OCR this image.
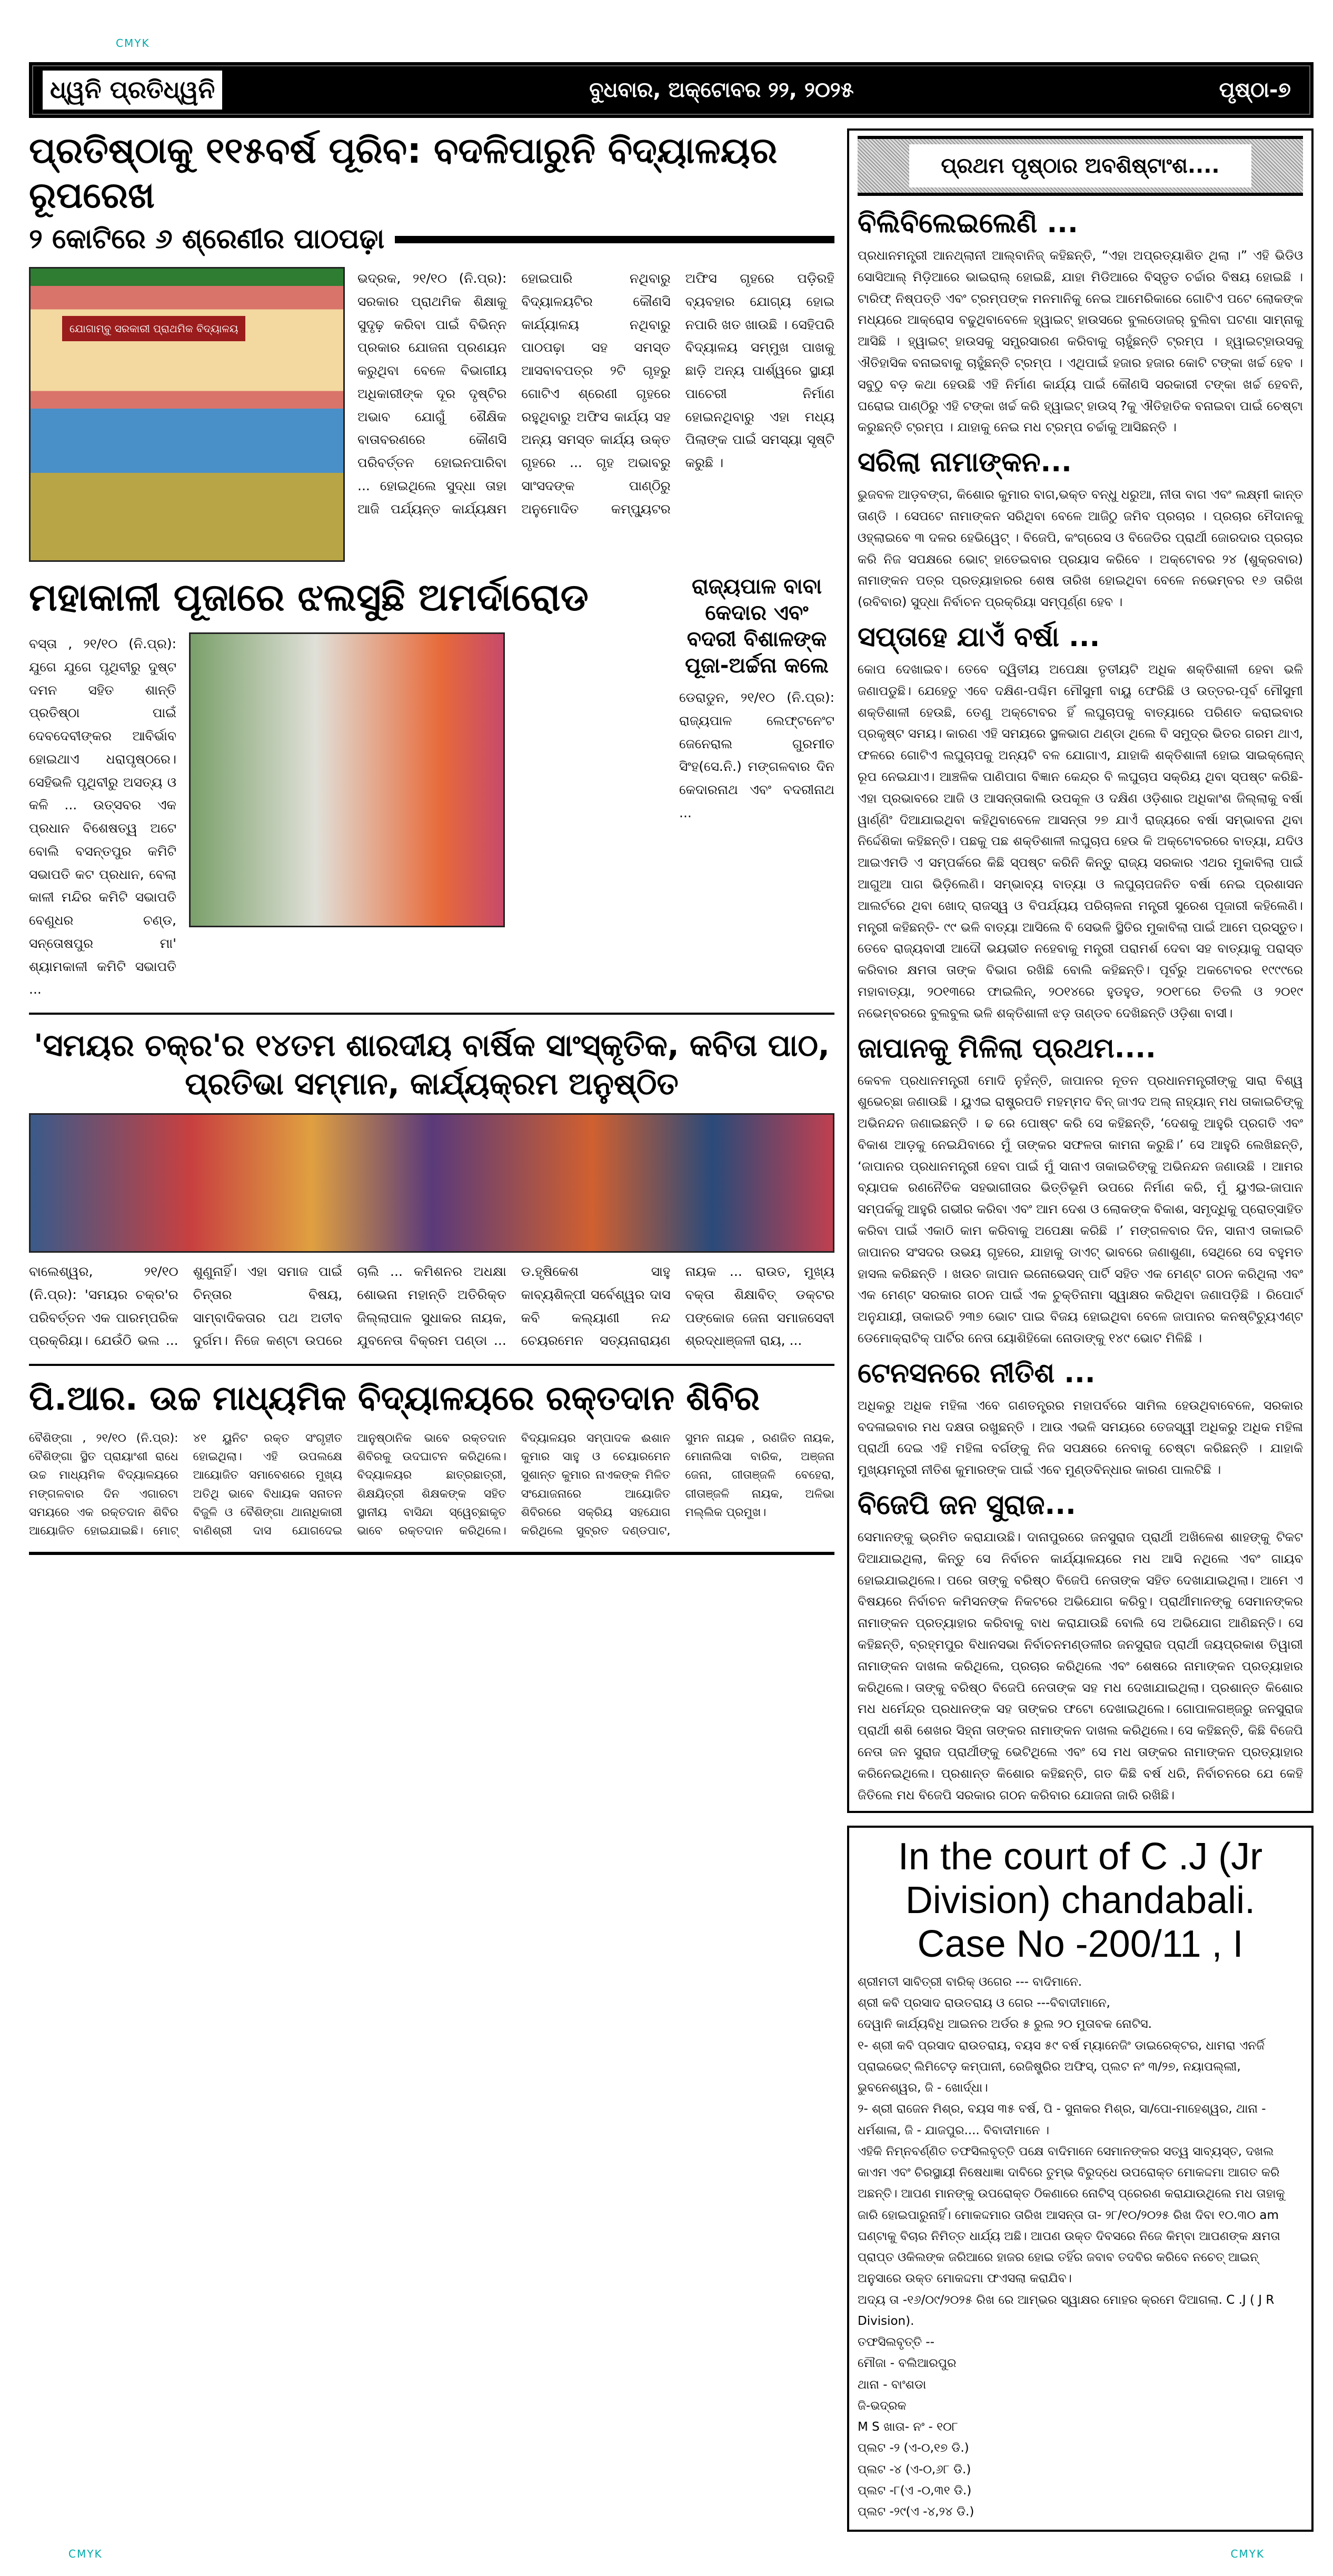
CMYK
ଧ୍ୱନି ପ୍ରତିଧ୍ୱନି	ବୁଧବାର, ଅକ୍ଟୋବର ୨୨, ୨୦୨୫	ପୃଷ୍ଠା-୭
ପ୍ରତିଷ୍ଠାକୁ ୧୧୫ବର୍ଷ ପୂରିବ: ବଦଳିପାରୁନି ବିଦ୍ୟାଳୟର ରୂପରେଖ
୨ କୋଟିରେ ୬ ଶ୍ରେଣୀର ପାଠପଢ଼ା
ଯୋଗାମ୍ବୁ ସରକାରୀ ପ୍ରାଥମିକ ବିଦ୍ୟାଳୟ

ଭଦ୍ରକ, ୨୧/୧୦ (ନି.ପ୍ର): ସରକାର ପ୍ରାଥମିକ ଶିକ୍ଷାକୁ ସୁଦୃଢ଼ କରିବା ପାଇଁ ବିଭିନ୍ନ ପ୍ରକାର ଯୋଜନା ପ୍ରଣୟନ କରୁଥିବା ବେଳେ ବିଭାଗୀୟ ଅଧିକାରୀଙ୍କ ଦୂର ଦୃଷ୍ଟିର ଅଭାବ ଯୋଗୁଁ ଶୈକ୍ଷିକ ବାତାବରଣରେ କୌଣସି ପରିବର୍ତ୍ତନ ହୋଇନପାରିବା ... ହୋଇଥିଲେ ସୁଦ୍ଧା ତାହା ଆଜି ପର୍ଯ୍ୟନ୍ତ କାର୍ଯ୍ୟକ୍ଷମ ହୋଇପାରି ନଥିବାରୁ ବିଦ୍ୟାଳୟଟିର କୌଣସି କାର୍ଯ୍ୟାଳୟ ନଥିବାରୁ ପାଠପଢ଼ା ସହ ସମସ୍ତ ଆସବାବପତ୍ର ୨ଟି ଗୃହରୁ ଗୋଟିଏ ଶ୍ରେଣୀ ଗୃହରେ ରହୁଥିବାରୁ ଅଫିସ କାର୍ଯ୍ୟ ସହ ଅନ୍ୟ ସମସ୍ତ କାର୍ଯ୍ୟ ଉକ୍ତ ଗୃହରେ ... ଗୃହ ଅଭାବରୁ ସାଂସଦଙ୍କ ପାଣ୍ଠିରୁ ଅନୁମୋଦିତ କମ୍ପ୍ୟୁଟର ଅଫିସ ଗୃହରେ ପଡ଼ିରହି ବ୍ୟବହାର ଯୋଗ୍ୟ ହୋଇ ନପାରି ଖତ ଖାଉଛି । ସେହିପରି ବିଦ୍ୟାଳୟ ସମ୍ମୁଖ ପାଖକୁ ଛାଡ଼ି ଅନ୍ୟ ପାର୍ଶ୍ୱରେ ସ୍ଥାୟୀ ପାଚେରୀ ନିର୍ମାଣ ହୋଇନଥିବାରୁ ଏହା ମଧ୍ୟ ପିଲାଙ୍କ ପାଇଁ ସମସ୍ୟା ସୃଷ୍ଟି କରୁଛି ।

ମହାକାଳୀ ପୂଜାରେ ଝଲସୁଛି ଅମର୍ଦାରୋଡ

ବସ୍ତା , ୨୧/୧୦ (ନି.ପ୍ର): ଯୁଗେ ଯୁଗେ ପୃଥିବୀରୁ ଦୁଷ୍ଟ ଦମନ ସହିତ ଶାନ୍ତି ପ୍ରତିଷ୍ଠା ପାଇଁ ଦେବଦେବୀଙ୍କର ଆବିର୍ଭାବ ହୋଇଥାଏ ଧରାପୃଷ୍ଠରେ। ସେହିଭଳି ପୃଥିବୀରୁ ଅସତ୍ୟ ଓ କଳି ... ଉତ୍ସବର ଏକ ପ୍ରଧାନ ବିଶେଷତ୍ୱ ଅଟେ ବୋଲି ବସନ୍ତପୁର କମିଟି ସଭାପତି କଟ ପ୍ରଧାନ, ବେଲା କାଳୀ ମନ୍ଦିର କମିଟି ସଭାପତି ବେଣୁଧର ଚଣ୍ଡ, ସନ୍ତୋଷପୁର ମା' ଶ୍ୟାମକାଳୀ କମିଟି ସଭାପତି ...

ରାଜ୍ୟପାଳ ବାବା କେଦାର ଏବଂ ବଦରୀ ବିଶାଳଙ୍କ ପୂଜା-ଅର୍ଚ୍ଚନା କଲେ

ଡେରାଡୁନ, ୨୧/୧୦ (ନି.ପ୍ର): ରାଜ୍ୟପାଳ ଲେଫ୍ଟନେଂଟ ଜେନେରାଲ ଗୁରମୀତ ସିଂହ(ସେ.ନି.) ମଙ୍ଗଳବାର ଦିନ କେଦାରନାଥ ଏବଂ ବଦରୀନାଥ ...

'ସମୟର ଚକ୍ର'ର ୧୪ତମ ଶାରଦୀୟ ବାର୍ଷିକ ସାଂସ୍କୃତିକ, କବିତା ପାଠ, ପ୍ରତିଭା ସମ୍ମାନ, କାର୍ଯ୍ୟକ୍ରମ ଅନୁଷ୍ଠିତ

ବାଲେଶ୍ୱର, ୨୧/୧୦ (ନି.ପ୍ର): 'ସମୟର ଚକ୍ର'ର ପରିବର୍ତ୍ତନ ଏକ ପାରମ୍ପରିକ ପ୍ରକ୍ରିୟା। ଯେଉଁଠି ଭଲ ... ଶୁଣୁନାହିଁ। ଏହା ସମାଜ ପାଇଁ ଚିନ୍ତାର ବିଷୟ, ସାମ୍ବାଦିକତାର ପଥ ଅତୀବ ଦୁର୍ଗମ। ନିଜେ କଣ୍ଟା ଉପରେ ଚାଲି ... କମିଶନର ଅଧକ୍ଷା ଶୋଭନା ମହାନ୍ତି ଅତିରିକ୍ତ ଜିଲ୍ଲାପାଳ ସୁଧାକର ନାୟକ, ଯୁବନେତା ବିକ୍ରମ ପଣ୍ଡା ... ଡ.ହୃଷିକେଶ ସାହୁ କାବ୍ୟଶିଳ୍ପୀ ସର୍ବେଶ୍ୱର ଦାସ କବି କଲ୍ୟାଣୀ ନନ୍ଦ ଚେୟରମେନ ସତ୍ୟନାରାୟଣ ନାୟକ ... ରାଉତ, ମୁଖ୍ୟ ବକ୍ତା ଶିକ୍ଷାବିତ୍ ଡକ୍ଟର ପଙ୍କୋଜ ଜେନା ସମାଜସେବୀ ଶ୍ରଦ୍ଧାଞ୍ଜଳୀ ରାୟ, ...

ପି.ଆର. ଉଚ୍ଚ ମାଧ୍ୟମିକ ବିଦ୍ୟାଳୟରେ ରକ୍ତଦାନ ଶିବିର

ବୈଶିଙ୍ଗା , ୨୧/୧୦ (ନି.ପ୍ର): ବୈଶିଙ୍ଗା ସ୍ଥିତ ପ୍ରାୟାଂଶୀ ରାଧେ ଉଚ୍ଚ ମାଧ୍ୟମିକ ବିଦ୍ୟାଳୟରେ ମଙ୍ଗଳବାର ଦିନ ଏଗାରଟା ସମୟରେ ଏକ ରକ୍ତଦାନ ଶିବିର ଆୟୋଜିତ ହୋଇଯାଇଛି। ମୋଟ୍ ୪୧ ୟୁନିଟ ରକ୍ତ ସଂଗୃହୀତ ହୋଇଥିଲା। ଏହି ଉପଲକ୍ଷେ ଆୟୋଜିତ ସମାବେଶରେ ମୁଖ୍ୟ ଅତିଥି ଭାବେ ବିଧାୟକ ସନାତନ ବିଜୁଳି ଓ ବୈଶିଙ୍ଗା ଥାନାଧିକାରୀ ବାଣିଶ୍ରୀ ଦାସ ଯୋଗଦେଇ ଆନୁଷ୍ଠାନିକ ଭାବେ ରକ୍ତଦାନ ଶିବିରକୁ ଉଦଘାଟନ କରିଥିଲେ। ବିଦ୍ୟାଳୟର ଛାତ୍ରଛାତ୍ରୀ, ଶିକ୍ଷୟିତ୍ରୀ ଶିକ୍ଷକଙ୍କ ସହିତ ସ୍ଥାନୀୟ ବାସିନ୍ଦା ସ୍ୱେଚ୍ଛାକୃତ ଭାବେ ରକ୍ତଦାନ କରିଥିଲେ। ବିଦ୍ୟାଳୟର ସମ୍ପାଦକ ଈଶାନ କୁମାର ସାହୁ ଓ ଚେୟାରମେନ ସୁଶାନ୍ତ କୁମାର ନାଏକଙ୍କ ମିଳିତ ସଂଯୋଜନାରେ ଆୟୋଜିତ ଶିବିରରେ ସକ୍ରିୟ ସହଯୋଗ କରିଥିଲେ ସୁବ୍ରତ ଦଣ୍ଡପାଟ, ସୁମନ ନାୟକ , ରଣଜିତ ନାୟକ, ମୋନାଲିସା ବାରିକ, ଅଞ୍ଜନା ଜେନା, ଗୀତାଞ୍ଜଳି ବେହେରା, ଗୀତାଞ୍ଜଳି ନାୟକ, ଅଳିଭା ମଲ୍ଲିକ ପ୍ରମୁଖ।

ପ୍ରଥମ ପୃଷ୍ଠାର ଅବଶିଷ୍ଟାଂଶ....
ବିଲିବିଲେଇଲେଣି ...

ପ୍ରଧାନମନ୍ତ୍ରୀ ଆନଥ୍ଲାନୀ ଆଲ୍ବାନିଜ୍ କହିଛନ୍ତି, “ଏହା ଅପ୍ରତ୍ୟାଶିତ ଥିଲା ।” ଏହି ଭିଡିଓ ସୋସିଆଲ୍ ମିଡ଼ିଆରେ ଭାଇରାଲ୍ ହୋଇଛି, ଯାହା ମିଡିଆରେ ବିସ୍ତୃତ ଚର୍ଚ୍ଚାର ବିଷୟ ହୋଇଛି । ଟାରିଫ୍ ନିଷ୍ପତ୍ତି ଏବଂ ଟ୍ରମ୍ପଙ୍କ ମନମାନିକୁ ନେଇ ଆମେରିକାରେ ଗୋଟିଏ ପଟେ ଲୋକଙ୍କ ମଧ୍ୟରେ ଆକ୍ରୋସ ବଢୁଥିବାବେଳେ ହ୍ୱାଇଟ୍ ହାଉସରେ ବୁଲଡୋଜର୍ ବୁଲିବା ଘଟଣା ସାମ୍ନାକୁ ଆସିଛି । ହ୍ୱାଇଟ୍ ହାଉସକୁ ସମ୍ପ୍ରସାରଣ କରିବାକୁ ଚାହୁଁଛନ୍ତି ଟ୍ରମ୍ପ । ହ୍ୱାଇଟ୍ହାଉସକୁ ଐତିହାସିକ ବନାଇବାକୁ ଚାହୁଁଛନ୍ତି ଟ୍ରମ୍ପ । ଏଥିପାଇଁ ହଜାର ହଜାର କୋଟି ଟଙ୍କା ଖର୍ଚ୍ଚ ହେବ । ସବୁଠୁ ବଡ଼ କଥା ହେଉଛି ଏହି ନିର୍ମାଣ କାର୍ଯ୍ୟ ପାଇଁ କୌଣସି ସରକାରୀ ଟଙ୍କା ଖର୍ଚ୍ଚ ହେବନି, ଘରୋଇ ପାଣ୍ଠିରୁ ଏହି ଟଙ୍କା ଖର୍ଚ୍ଚ କରି ହ୍ୱାଇଟ୍ ହାଉସ୍ ?କୁ ଐତିହାତିକ ବନାଇବା ପାଇଁ ଚେଷ୍ଟା କରୁଛନ୍ତି ଟ୍ରମ୍ପ । ଯାହାକୁ ନେଇ ମଧ ଟ୍ରମ୍ପ ଚର୍ଚ୍ଚାକୁ ଆସିଛନ୍ତି ।

ସରିଲା ନାମାଙ୍କନ...

ଭୁଜବଳ ଆଡ଼ବଙ୍ଗ, କିଶୋର କୁମାର ବାଗ,ଭକ୍ତ ବନ୍ଧୁ ଧରୁଆ, ନୀତା ବାଗ ଏବଂ ଲକ୍ଷ୍ମୀ କାନ୍ତ ତାଣ୍ଡି । ସେପଟେ ନାମାଙ୍କନ ସରିଥିବା ବେଳେ ଆଜିଠୁ ଜମିବ ପ୍ରଚାର । ପ୍ରଚାର ମୈଦାନକୁ ଓହ୍ଲାଇବେ ୩ ଦଳର ହେଭିୱେଟ୍ । ବିଜେପି, କଂଗ୍ରେସ ଓ ବିଜେଡିର ପ୍ରାର୍ଥୀ ଜୋରଦାର ପ୍ରଚାର କରି ନିଜ ସପକ୍ଷରେ ଭୋଟ୍ ହାତେଇବାର ପ୍ରୟାସ କରିବେ । ଅକ୍ଟୋବର ୨୪ (ଶୁକ୍ରବାର) ନାମାଙ୍କନ ପତ୍ର ପ୍ରତ୍ୟାହାରର ଶେଷ ତାରିଖ ହୋଇଥିବା ବେଳେ ନଭେମ୍ବର ୧୬ ତାରିଖ (ରବିବାର) ସୁଦ୍ଧା ନିର୍ବାଚନ ପ୍ରକ୍ରିୟା ସମ୍ପୂର୍ଣ୍ଣ ହେବ ।

ସପ୍ତାହେ ଯାଏଁ ବର୍ଷା ...

କୋପ ଦେଖାଇବ। ତେବେ ଦ୍ୱିତୀୟ ଅପେକ୍ଷା ତୃତୀୟଟି ଅଧିକ ଶକ୍ତିଶାଳୀ ହେବା ଭଳି ଜଣାପଡୁଛି। ଯେହେତୁ ଏବେ ଦକ୍ଷିଣ-ପଶ୍ଚିମ ମୌସୁମୀ ବାୟୁ ଫେରିଛି ଓ ଉତ୍ତର-ପୂର୍ବ ମୌସୁମୀ ଶକ୍ତିଶାଳୀ ହେଉଛି, ତେଣୁ ଅକ୍ଟୋବର ହିଁ ଲଘୁଚାପକୁ ବାତ୍ୟାରେ ପରିଣତ କରାଇବାର ପ୍ରକୃଷ୍ଟ ସମୟ। କାରଣ ଏହି ସମୟରେ ସ୍ଥଳଭାଗ ଥଣ୍ଡା ଥିଲେ ବି ସମୁଦ୍ର ଭିତର ଗରମ ଥାଏ, ଫଳରେ ଗୋଟିଏ ଲଘୁଚାପକୁ ଅନ୍ୟଟି ବଳ ଯୋଗାଏ, ଯାହାକି ଶକ୍ତିଶାଳୀ ହୋଇ ସାଇକ୍ଲୋନ୍ ରୂପ ନେଇଯାଏ। ଆଞ୍ଚଳିକ ପାଣିପାଗ ବିଜ୍ଞାନ କେନ୍ଦ୍ର ବି ଲଘୁଚାପ ସକ୍ରିୟ ଥିବା ସ୍ପଷ୍ଟ କରିଛି- ଏହା ପ୍ରଭାବରେ ଆଜି ଓ ଆସନ୍ତାକାଲି ଉପକୂଳ ଓ ଦକ୍ଷିଣ ଓଡ଼ିଶାର ଅଧିକାଂଶ ଜିଲ୍ଲାକୁ ବର୍ଷା ୱାର୍ଣ୍ଣିଂ ଦିଆଯାଇଥିବା କହିଥିବାବେଳେ ଆସନ୍ତା ୨୭ ଯାଏଁ ରାଜ୍ୟରେ ବର୍ଷା ସମ୍ଭାବନା ଥିବା ନିର୍ଦ୍ଦେଶିକା କହିଛନ୍ତି। ପଛକୁ ପଛ ଶକ୍ତିଶାଳୀ ଲଘୁଚାପ ହେଉ କି ଅକ୍ଟୋବରରେ ବାତ୍ୟା, ଯଦିଓ ଆଇଏମଡି ଏ ସମ୍ପର୍କରେ କିଛି ସ୍ପଷ୍ଟ କରିନି କିନ୍ତୁ ରାଜ୍ୟ ସରକାର ଏଥର ମୁକାବିଲା ପାଇଁ ଆଗୁଆ ପାଗ ଭିଡ଼ିଲେଣି। ସମ୍ଭାବ୍ୟ ବାତ୍ୟା ଓ ଲଘୁଚାପଜନିତ ବର୍ଷା ନେଇ ପ୍ରଶାସନ ଆଲର୍ଟରେ ଥିବା ଖୋଦ୍ ରାଜସ୍ୱ ଓ ବିପର୍ଯ୍ୟୟ ପରିଚାଳନା ମନ୍ତ୍ରୀ ସୁରେଶ ପୂଜାରୀ କହିଲେଣି। ମନ୍ତ୍ରୀ କହିଛନ୍ତି- ୯୯ ଭଳି ବାତ୍ୟା ଆସିଲେ ବି ସେଭଳି ସ୍ଥିତିର ମୁକାବିଲା ପାଇଁ ଆମେ ପ୍ରସ୍ତୁତ। ତେବେ ରାଜ୍ୟବାସୀ ଆଦୌ ଭୟଭୀତ ନହେବାକୁ ମନ୍ତ୍ରୀ ପରାମର୍ଶ ଦେବା ସହ ବାତ୍ୟାକୁ ପରାସ୍ତ କରିବାର କ୍ଷମତା ତାଙ୍କ ବିଭାଗ ରଖିଛି ବୋଲି କହିଛନ୍ତି। ପୂର୍ବରୁ ଅକଟୋବର ୧୯୯୯ରେ ମହାବାତ୍ୟା, ୨୦୧୩ରେ ଫାଇଲିନ୍, ୨୦୧୪ରେ ହୁଡହୁଡ, ୨୦୧୮ରେ ତିତଲି ଓ ୨୦୧୯ ନଭେମ୍ବରରେ ବୁଲବୁଲ ଭଳି ଶକ୍ତିଶାଳୀ ଝଡ଼ ତାଣ୍ଡବ ଦେଖିଛନ୍ତି ଓଡ଼ିଶା ବାସୀ।

ଜାପାନକୁ ମିଳିଲା ପ୍ରଥମ....

କେବଳ ପ୍ରଧାନମନ୍ତ୍ରୀ ମୋଦି ନୁହଁନ୍ତି, ଜାପାନର ନୂତନ ପ୍ରଧାନମନ୍ତ୍ରୀଙ୍କୁ ସାରା ବିଶ୍ୱ ଶୁଭେଚ୍ଛା ଜଣାଉଛି । ୟୁଏଇ ରାଷ୍ଟ୍ରପତି ମହମ୍ମଦ ବିନ୍ ଜାଏଦ ଅଲ୍ ନାହ୍ୟାନ୍ ମଧ ତାକାଇଚିଙ୍କୁ ଅଭିନନ୍ଦନ ଜଣାଇଛନ୍ତି । ଢ ରେ ପୋଷ୍ଟ କରି ସେ କହିଛନ୍ତି, ‘ଦେଶକୁ ଆହୁରି ପ୍ରଗତି ଏବଂ ବିକାଶ ଆଡ଼କୁ ନେଇଯିବାରେ ମୁଁ ତାଙ୍କର ସଫଳତା କାମନା କରୁଛି।’ ସେ ଆହୁରି ଲେଖିଛନ୍ତି, ‘ଜାପାନର ପ୍ରଧାନମନ୍ତ୍ରୀ ହେବା ପାଇଁ ମୁଁ ସାନାଏ ତାକାଇଚିଙ୍କୁ ଅଭିନନ୍ଦନ ଜଣାଉଛି । ଆମର ବ୍ୟାପକ ରଣନୈତିକ ସହଭାଗୀତାର ଭିତ୍ତିଭୂମି ଉପରେ ନିର୍ମାଣ କରି, ମୁଁ ୟୁଏଇ-ଜାପାନ ସମ୍ପର୍କକୁ ଆହୁରି ଗଭୀର କରିବା ଏବଂ ଆମ ଦେଶ ଓ ଲୋକଙ୍କ ବିକାଶ, ସମୃଦ୍ଧିକୁ ପ୍ରୋତ୍ସାହିତ କରିବା ପାଇଁ ଏକାଠି କାମ କରିବାକୁ ଅପେକ୍ଷା କରିଛି ।’ ମଙ୍ଗଳବାର ଦିନ, ସାନାଏ ତାକାଇଚି ଜାପାନର ସଂସଦର ଉଭୟ ଗୃହରେ, ଯାହାକୁ ଡାଏଟ୍ ଭାବରେ ଜଣାଶୁଣା, ସେଥିରେ ସେ ବହୁମତ ହାସଲ କରିଛନ୍ତି । ଖଉଚ ଜାପାନ ଇନୋଭେସନ୍ ପାର୍ଟି ସହିତ ଏକ ମେଣ୍ଟ ଗଠନ କରିଥିଲା ଏବଂ ଏକ ମେଣ୍ଟ ସରକାର ଗଠନ ପାଇଁ ଏକ ଚୁକ୍ତିନାମା ସ୍ୱାକ୍ଷର କରିଥିବା ଜଣାପଡ଼ିଛି । ରିପୋର୍ଟ ଅନୁଯାୟୀ, ତାକାଇଚି ୨୩୭ ଭୋଟ ପାଇ ବିଜୟ ହୋଇଥିବା ବେଳେ ଜାପାନର କନଷ୍ଟିଚ୍ୟୁଏଣ୍ଟ ଡେମୋକ୍ରାଟିକ୍ ପାର୍ଟିର ନେତା ୟୋଶିହିକୋ ନୋଡାଙ୍କୁ ୧୪୯ ଭୋଟ ମିଳିଛି ।

ଟେନସନରେ ନୀତିଶ ...

ଅଧିକରୁ ଅଧିକ ମହିଳା ଏବେ ଗଣତନ୍ତ୍ରର ମହାପର୍ବରେ ସାମିଲ ହେଉଥିବାବେଳେ, ସରକାର ବଦଳାଇବାର ମଧ ଦକ୍ଷତା ରଖୁଛନ୍ତି । ଆଉ ଏଭଳି ସମୟରେ ତେଜସ୍ୱୀ ଅଧିକରୁ ଅଧିକ ମହିଳା ପ୍ରାର୍ଥୀ ଦେଇ ଏହି ମହିଳା ବର୍ଗଙ୍କୁ ନିଜ ସପକ୍ଷରେ ନେବାକୁ ଚେଷ୍ଟା କରିଛନ୍ତି । ଯାହାକି ମୁଖ୍ୟମନ୍ତ୍ରୀ ନୀତିଶ କୁମାରଙ୍କ ପାଇଁ ଏବେ ମୁଣ୍ଡବିନ୍ଧାର କାରଣ ପାଲଟିଛି ।

ବିଜେପି ଜନ ସୁରାଜ...

ସେମାନଙ୍କୁ ଭ୍ରମିତ କରାଯାଉଛି। ଦାନାପୁରରେ ଜନସୁରାଜ ପ୍ରାର୍ଥୀ ଅଖିଳେଶ ଶାହଙ୍କୁ ଟିକଟ ଦିଆଯାଇଥିଲା, କିନ୍ତୁ ସେ ନିର୍ବାଚନ କାର୍ଯ୍ୟାଳୟରେ ମଧ ଆସି ନଥିଲେ ଏବଂ ଗାୟବ ହୋଇଯାଇଥିଲେ। ପରେ ତାଙ୍କୁ ବରିଷ୍ଠ ବିଜେପି ନେତାଙ୍କ ସହିତ ଦେଖାଯାଇଥିଲା। ଆମେ ଏ ବିଷୟରେ ନିର୍ବାଚନ କମିସନଙ୍କ ନିକଟରେ ଅଭିଯୋଗ କରିବୁ। ପ୍ରାର୍ଥୀମାନଙ୍କୁ ସେମାନଙ୍କର ନାମାଙ୍କନ ପ୍ରତ୍ୟାହାର କରିବାକୁ ବାଧ କରାଯାଉଛି ବୋଲି ସେ ଅଭିଯୋଗ ଆଣିଛନ୍ତି। ସେ କହିଛନ୍ତି, ବ୍ରହ୍ମପୁର ବିଧାନସଭା ନିର୍ବାଚନମଣ୍ଡଳୀର ଜନସୁରାଜ ପ୍ରାର୍ଥୀ ଜୟପ୍ରକାଶ ତିୱାରୀ ନାମାଙ୍କନ ଦାଖଲ କରିଥିଲେ, ପ୍ରଚାର କରିଥିଲେ ଏବଂ ଶେଷରେ ନାମାଙ୍କନ ପ୍ରତ୍ୟାହାର କରିଥିଲେ। ତାଙ୍କୁ ବରିଷ୍ଠ ବିଜେପି ନେତାଙ୍କ ସହ ମଧ ଦେଖାଯାଇଥିଲା। ପ୍ରଶାନ୍ତ କିଶୋର ମଧ ଧର୍ମେନ୍ଦ୍ର ପ୍ରଧାନଙ୍କ ସହ ତାଙ୍କର ଫଟୋ ଦେଖାଇଥିଲେ। ଗୋପାଳଗଞ୍ଜରୁ ଜନସୁରାଜ ପ୍ରାର୍ଥୀ ଶଶି ଶେଖର ସିହ୍ନା ତାଙ୍କର ନାମାଙ୍କନ ଦାଖଲ କରିଥିଲେ। ସେ କହିଛନ୍ତି, କିଛି ବିଜେପି ନେତା ଜନ ସୁରାଜ ପ୍ରାର୍ଥୀଙ୍କୁ ଭେଟିଥିଲେ ଏବଂ ସେ ମଧ ତାଙ୍କର ନାମାଙ୍କନ ପ୍ରତ୍ୟାହାର କରିନେଇଥିଲେ। ପ୍ରଶାନ୍ତ କିଶୋର କହିଛନ୍ତି, ଗତ କିଛି ବର୍ଷ ଧରି, ନିର୍ବାଚନରେ ଯେ କେହି ଜିତିଲେ ମଧ ବିଜେପି ସରକାର ଗଠନ କରିବାର ଯୋଜନା ଜାରି ରଖିଛି।

In the court of C .J (Jr Division) chandabali. Case No -200/11 , I

ଶ୍ରୀମତୀ ସାବିତ୍ରୀ ବାରିକ୍ ଓଗେର --- ବାଦିମାନେ.

ଶ୍ରୀ କବି ପ୍ରସାଦ ରାଉତରାୟ ଓ ଗେର ---ବିବାଦୀମାନେ,

ଦେୱାନି କାର୍ଯ୍ୟବିଧି ଆଇନର ଅର୍ଡର ୫ ରୁଲ ୨୦ ମୁତାବକ ନୋଟିସ.

୧- ଶ୍ରୀ କବି ପ୍ରସାଦ ରାଉତରାୟ, ବୟସ ୫୯ ବର୍ଷ ମ୍ୟାନେଜିଂ ଡାଇରେକ୍ଟର, ଧାମରା ଏନର୍ଜି ପ୍ରାଇଭେଟ୍ ଲିମିଟେଡ଼ କମ୍ପାନୀ, ରେଜିଷ୍ଟ୍ରିର ଅଫିସ୍, ପ୍ଲଟ ନଂ ୩/୨୭, ନୟାପଲ୍ଲୀ, ଭୁବନେଶ୍ୱର, ଜି - ଖୋର୍ଦ୍ଧା।

୨- ଶ୍ରୀ ରାଜେନ ମିଶ୍ର, ବୟସ ୩୫ ବର୍ଷ, ପି - ସୁନାକର ମିଶ୍ର, ସା/ପୋ-ମାହେଶ୍ୱର, ଥାନା - ଧର୍ମଶାଳା, ଜି - ଯାଜପୁର.... ବିବାଦୀମାନେ ।

ଏହିକି ନିମ୍ନବର୍ଣ୍ଣିତ ତଫସିଲବୃତ୍ତି ପକ୍ଷେ ବାଦିମାନେ ସେମାନଙ୍କର ସତ୍ୱ ସାବ୍ୟସ୍ତ, ଦଖଲ କାଏମ ଏବଂ ଚିରସ୍ଥାୟୀ ନିଷେଧାଜ୍ଞା ଦାବିରେ ତୁମ୍ଭ ବିରୁଦ୍ଧେ ଉପରୋକ୍ତ ମୋକଦ୍ଦମା ଆଗତ କରି ଅଛନ୍ତି। ଆପଣ ମାନଙ୍କୁ ଉପରୋକ୍ତ ଠିକଣାରେ ନୋଟିସ୍ ପ୍ରେରଣ କରାଯାଉଥିଲେ ମଧ ତାହାକୁ ଜାରି ହୋଇପାରୁନାହିଁ। ମୋକଦ୍ଦମାର ତାରିଖ ଆସନ୍ତା ତା- ୨୮/୧୦/୨୦୨୫ ରିଖ ଦିବା ୧୦.୩୦ am ଘଣ୍ଟାକୁ ବିଚାର ନିମିତ୍ତ ଧାର୍ଯ୍ୟ ଅଛି। ଆପଣ ଉକ୍ତ ଦିବସରେ ନିଜେ କିମ୍ବା ଆପଣଙ୍କ କ୍ଷମତା ପ୍ରାପ୍ତ ଓକିଲଙ୍କ ଜରିଆରେ ହାଜର ହୋଇ ତହିଁର ଜବାବ ତଦବିର କରିବେ ନଚେତ୍ ଆଇନ୍ ଅନୁସାରେ ଉକ୍ତ ମୋକଦ୍ଦମା ଫଏସଲା କରାଯିବ।

ଅଦ୍ୟ ତା -୧୬/୦୯/୨୦୨୫ ରିଖ ରେ ଆମ୍ଭର ସ୍ୱାକ୍ଷର ମୋହର କ୍ରମେ ଦିଆଗଲା. C .J ( J R Division).

ତଫସିଲବୃତ୍ତି --

ମୌଜା - ବଲିଆରପୁର

ଥାନା - ବାଂଶଡା

ଜି-ଭଦ୍ରକ

M S ଖାତା- ନଂ - ୧୦୮

ପ୍ଲଟ -୨ (ଏ-୦,୧୭ ଡି.)

ପ୍ଲଟ -୪ (ଏ-୦,୬୮ ଡି.)

ପ୍ଲଟ -୮(ଏ -୦,୩୧ ଡି.)

ପ୍ଲଟ -୨୯(ଏ -୪,୨୪ ଡି.)

CMYK	CMYK
